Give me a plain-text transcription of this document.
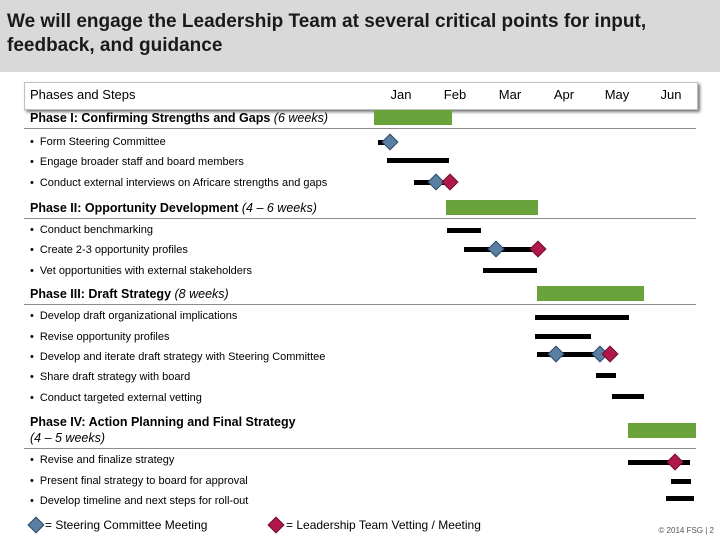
We will engage the Leadership Team at several critical points for input, feedback, and guidance
Phases and Steps	Jan	Feb	Mar	Apr	May	Jun
Phase I: Confirming Strengths and Gaps (6 weeks)
• Form Steering Committee
• Engage broader staff and board members
• Conduct external interviews on Africare strengths and gaps
Phase II: Opportunity Development (4 – 6 weeks)
• Conduct benchmarking
• Create 2-3 opportunity profiles
• Vet opportunities with external stakeholders
Phase III: Draft Strategy (8 weeks)
• Develop draft organizational implications
• Revise opportunity profiles
• Develop and iterate draft strategy with Steering Committee
• Share draft strategy with board
• Conduct targeted external vetting
Phase IV: Action Planning and Final Strategy
(4 – 5 weeks)
• Revise and finalize strategy
• Present final strategy to board for approval
• Develop timeline and next steps for roll-out
= Steering Committee Meeting	= Leadership Team Vetting / Meeting	© 2014 FSG | 2
